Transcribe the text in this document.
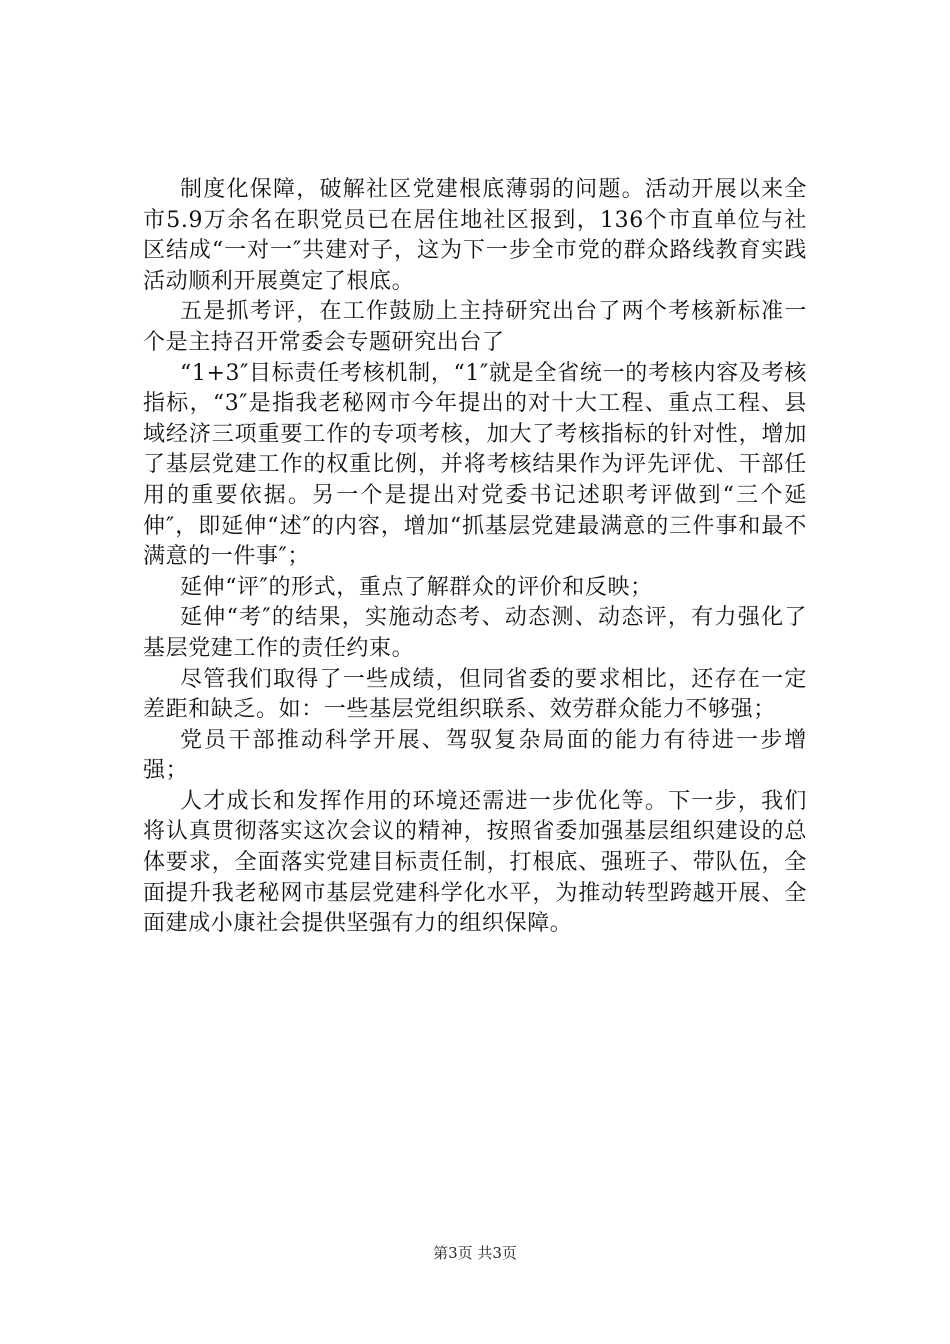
制度化保障，破解社区党建根底薄弱的问题。活动开展以来全市5.9万余名在职党员已在居住地社区报到，136个市直单位与社区结成“一对一″共建对子，这为下一步全市党的群众路线教育实践活动顺利开展奠定了根底。

五是抓考评，在工作鼓励上主持研究出台了两个考核新标准一个是主持召开常委会专题研究出台了

“1+3″目标责任考核机制，“1″就是全省统一的考核内容及考核指标，“3″是指我老秘网市今年提出的对十大工程、重点工程、县域经济三项重要工作的专项考核，加大了考核指标的针对性，增加了基层党建工作的权重比例，并将考核结果作为评先评优、干部任用的重要依据。另一个是提出对党委书记述职考评做到“三个延伸″，即延伸“述″的内容，增加“抓基层党建最满意的三件事和最不满意的一件事″；

延伸“评″的形式，重点了解群众的评价和反映；

延伸“考″的结果，实施动态考、动态测、动态评，有力强化了基层党建工作的责任约束。

尽管我们取得了一些成绩，但同省委的要求相比，还存在一定差距和缺乏。如：一些基层党组织联系、效劳群众能力不够强；

党员干部推动科学开展、驾驭复杂局面的能力有待进一步增强；

人才成长和发挥作用的环境还需进一步优化等。下一步，我们将认真贯彻落实这次会议的精神，按照省委加强基层组织建设的总体要求，全面落实党建目标责任制，打根底、强班子、带队伍，全面提升我老秘网市基层党建科学化水平，为推动转型跨越开展、全面建成小康社会提供坚强有力的组织保障。

第3页 共3页
